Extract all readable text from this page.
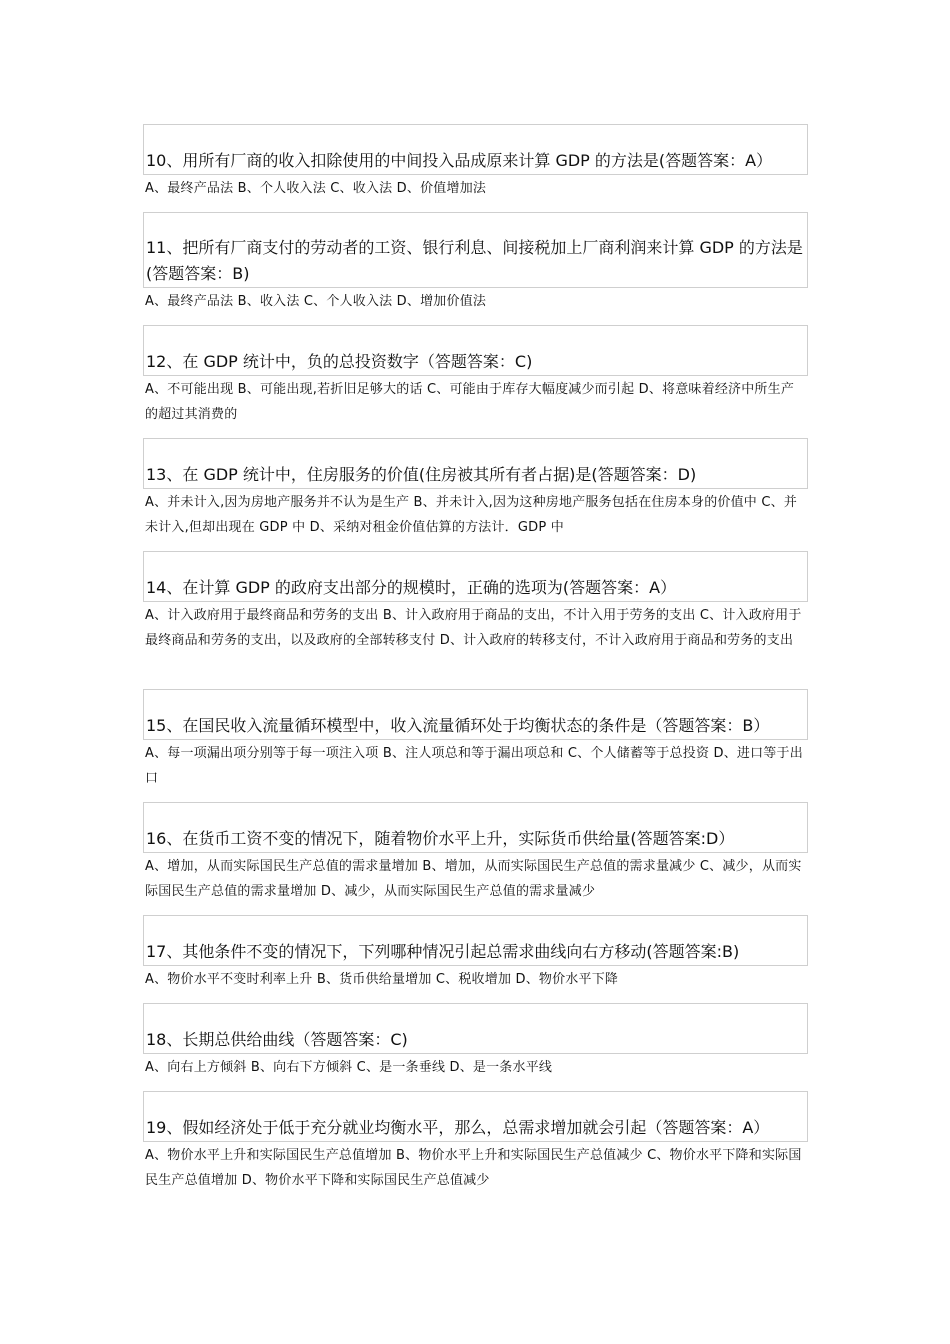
10、用所有厂商的收入扣除使用的中间投入品成原来计算 GDP 的方法是(答题答案：A）
A、最终产品法 B、个人收入法 C、收入法 D、价值增加法
11、把所有厂商支付的劳动者的工资、银行利息、间接税加上厂商利润来计算 GDP 的方法是(答题答案：B)
A、最终产品法 B、收入法 C、个人收入法 D、增加价值法
12、在 GDP 统计中，负的总投资数字（答题答案：C)
A、不可能出现 B、可能出现,若折旧足够大的话 C、可能由于库存大幅度减少而引起 D、将意味着经济中所生产的超过其消费的
13、在 GDP 统计中，住房服务的价值(住房被其所有者占据)是(答题答案：D)
A、并未计入,因为房地产服务并不认为是生产 B、并未计入,因为这种房地产服务包括在住房本身的价值中 C、并未计入,但却出现在 GDP 中 D、采纳对租金价值估算的方法计．GDP 中
14、在计算 GDP 的政府支出部分的规模时，正确的选项为(答题答案：A）
A、计入政府用于最终商品和劳务的支出 B、计入政府用于商品的支出，不计入用于劳务的支出 C、计入政府用于最终商品和劳务的支出，以及政府的全部转移支付 D、计入政府的转移支付，不计入政府用于商品和劳务的支出
15、在国民收入流量循环模型中，收入流量循环处于均衡状态的条件是（答题答案：B）
A、每一项漏出项分别等于每一项注入项 B、注人项总和等于漏出项总和 C、个人储蓄等于总投资 D、进口等于出口
16、在货币工资不变的情况下，随着物价水平上升，实际货币供给量(答题答案:D）
A、增加，从而实际国民生产总值的需求量增加 B、增加，从而实际国民生产总值的需求量减少 C、减少，从而实际国民生产总值的需求量增加 D、减少，从而实际国民生产总值的需求量减少
17、其他条件不变的情况下，下列哪种情况引起总需求曲线向右方移动(答题答案:B)
A、物价水平不变时利率上升 B、货币供给量增加 C、税收增加 D、物价水平下降
18、长期总供给曲线（答题答案：C)
A、向右上方倾斜 B、向右下方倾斜 C、是一条垂线 D、是一条水平线
19、假如经济处于低于充分就业均衡水平，那么，总需求增加就会引起（答题答案：A）
A、物价水平上升和实际国民生产总值增加 B、物价水平上升和实际国民生产总值减少 C、物价水平下降和实际国民生产总值增加 D、物价水平下降和实际国民生产总值减少
